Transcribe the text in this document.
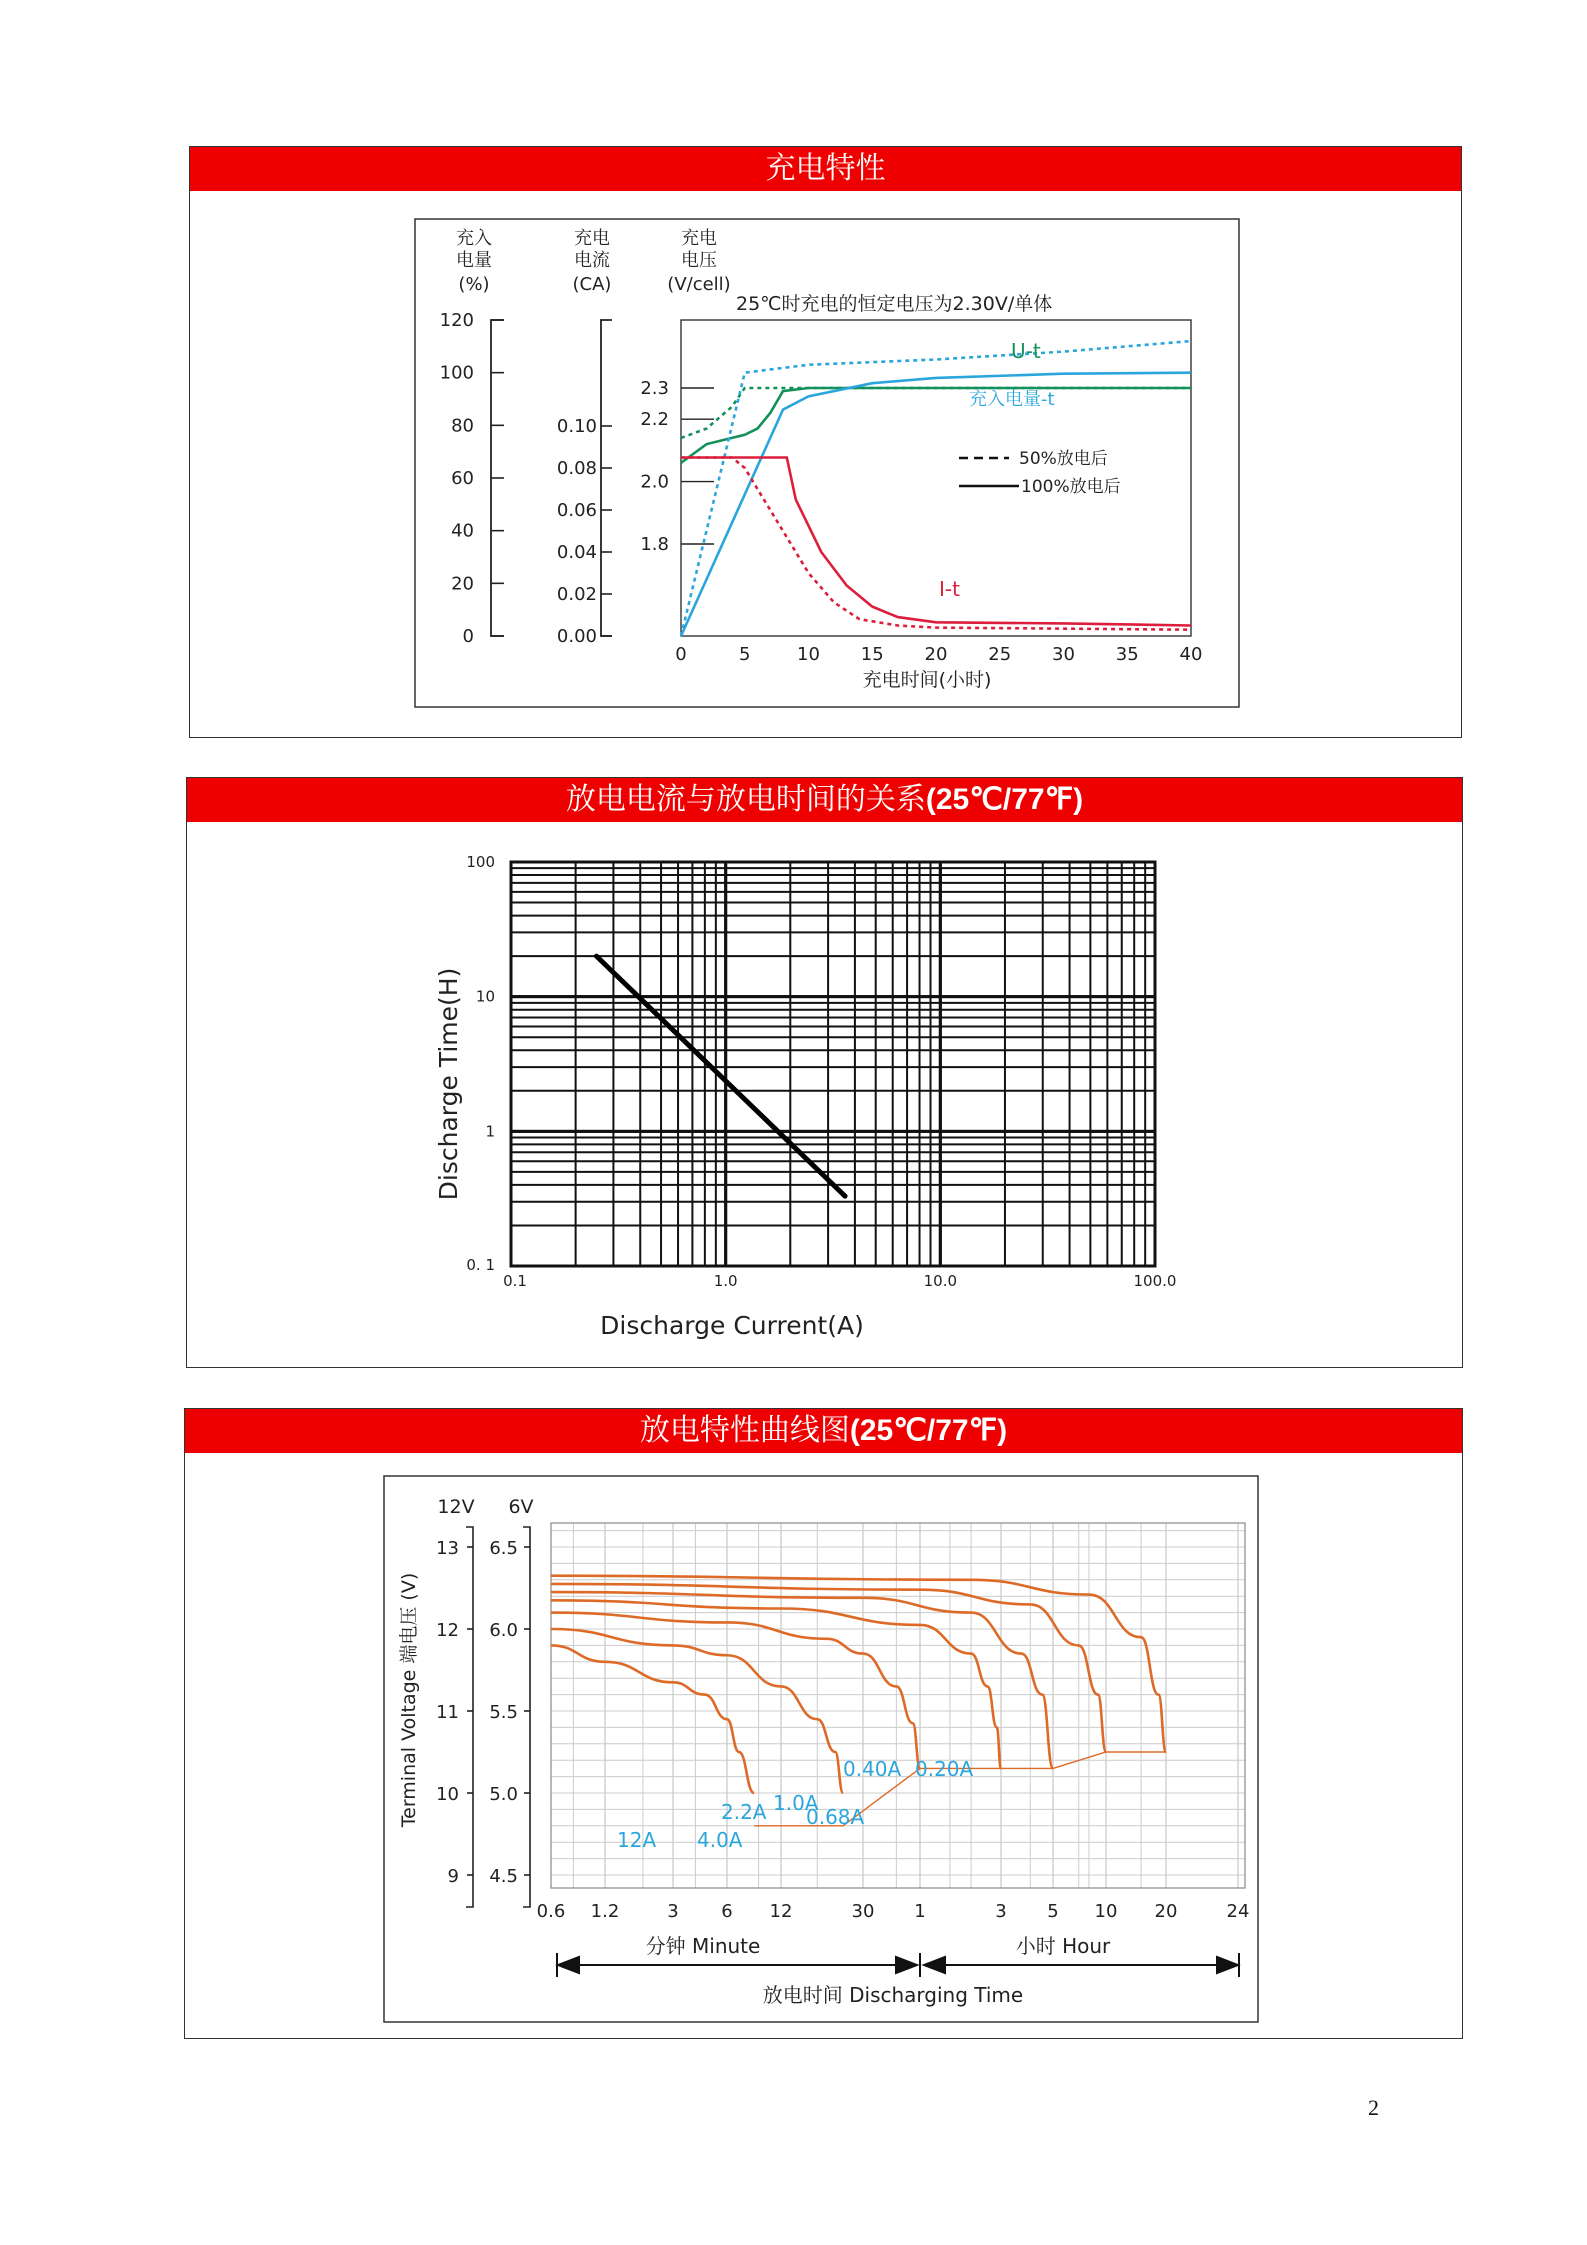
充电特性
充入
电量
(%)
充电
电流
(CA)
充电
电压
(V/cell)
25℃时充电的恒定电压为2.30V/单体
120
100
80
60
40
20
0
0.10
0.08
0.06
0.04
0.02
0.00
2.3
2.2
2.0
1.8
0	5	10 15 20 25 30 35 40
U-t
充入电量-t
I-t
50%放电后
100%放电后
充电时间(小时)
放电电流与放电时间的关系(25℃/77℉)
0.1	1.0	10.0	100.0
0. 1
1
10
100
Discharge Current(A)
Discharge Time(H)
放电特性曲线图(25℃/77℉)
13
12
11
10
9
6.5
6.0
5.5
5.0
4.5
0.6 1.2	3 6 12	30 1	3 5 10 20	24
12A 4.0A
2.2A 1.0A
0.68A
0.40A 0.20A
分钟 Minute	小时 Hour
放电时间 Discharging Time
Terminal Voltage 端电压 (V)
12V 6V
2
